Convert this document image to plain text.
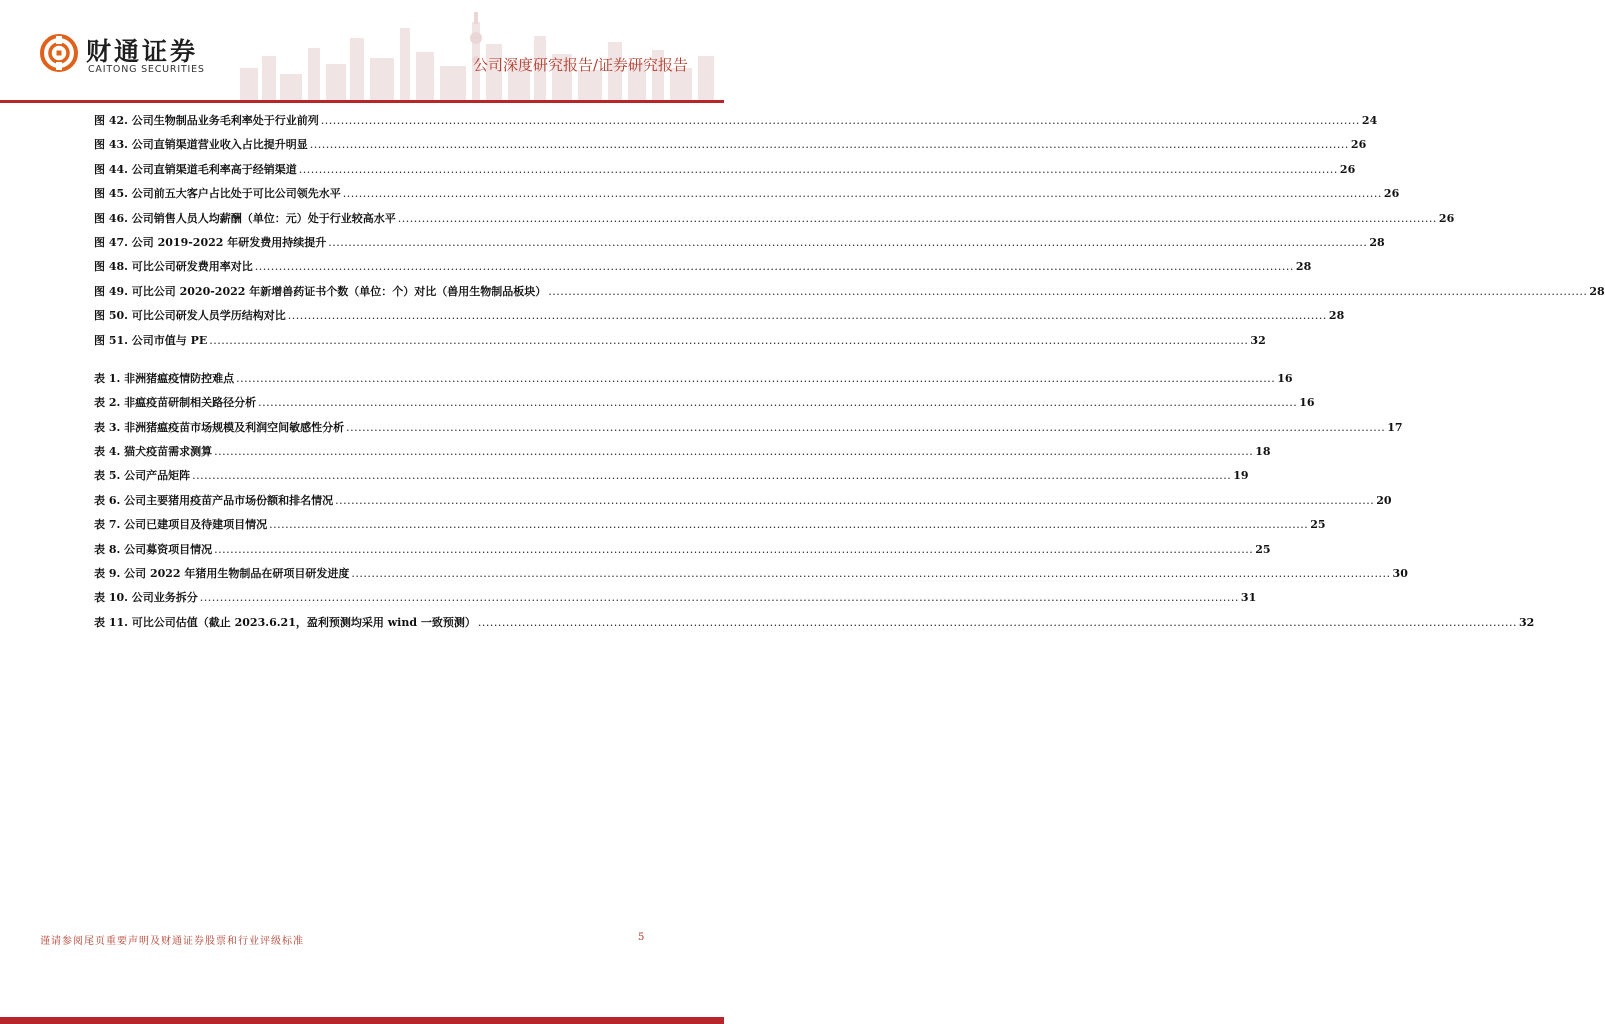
财通证券
CAITONG SECURITIES	公司深度研究报告/证券研究报告
图 42. 公司生物制品业务毛利率处于行业前列 .................................................................................................................................................................................................................................................................... 24
图 43. 公司直销渠道营业收入占比提升明显 .................................................................................................................................................................................................................................................................... 26
图 44. 公司直销渠道毛利率高于经销渠道 .................................................................................................................................................................................................................................................................... 26
图 45. 公司前五大客户占比处于可比公司领先水平 .................................................................................................................................................................................................................................................................... 26
图 46. 公司销售人员人均薪酬（单位：元）处于行业较高水平 .................................................................................................................................................................................................................................................................... 26
图 47. 公司 2019-2022 年研发费用持续提升 .................................................................................................................................................................................................................................................................... 28
图 48. 可比公司研发费用率对比 .................................................................................................................................................................................................................................................................... 28
图 49. 可比公司 2020-2022 年新增兽药证书个数（单位：个）对比（兽用生物制品板块） .................................................................................................................................................................................................................................................................... 28
图 50. 可比公司研发人员学历结构对比 .................................................................................................................................................................................................................................................................... 28
图 51. 公司市值与 PE .................................................................................................................................................................................................................................................................... 32
表 1. 非洲猪瘟疫情防控难点 .................................................................................................................................................................................................................................................................... 16
表 2. 非瘟疫苗研制相关路径分析 .................................................................................................................................................................................................................................................................... 16
表 3. 非洲猪瘟疫苗市场规模及利润空间敏感性分析 .................................................................................................................................................................................................................................................................... 17
表 4. 猫犬疫苗需求测算 .................................................................................................................................................................................................................................................................... 18
表 5. 公司产品矩阵 .................................................................................................................................................................................................................................................................... 19
表 6. 公司主要猪用疫苗产品市场份额和排名情况 .................................................................................................................................................................................................................................................................... 20
表 7. 公司已建项目及待建项目情况 .................................................................................................................................................................................................................................................................... 25
表 8. 公司募资项目情况 .................................................................................................................................................................................................................................................................... 25
表 9. 公司 2022 年猪用生物制品在研项目研发进度 .................................................................................................................................................................................................................................................................... 30
表 10. 公司业务拆分 .................................................................................................................................................................................................................................................................... 31
表 11. 可比公司估值（截止 2023.6.21，盈利预测均采用 wind 一致预测） .................................................................................................................................................................................................................................................................... 32
谨请参阅尾页重要声明及财通证券股票和行业评级标准	5
